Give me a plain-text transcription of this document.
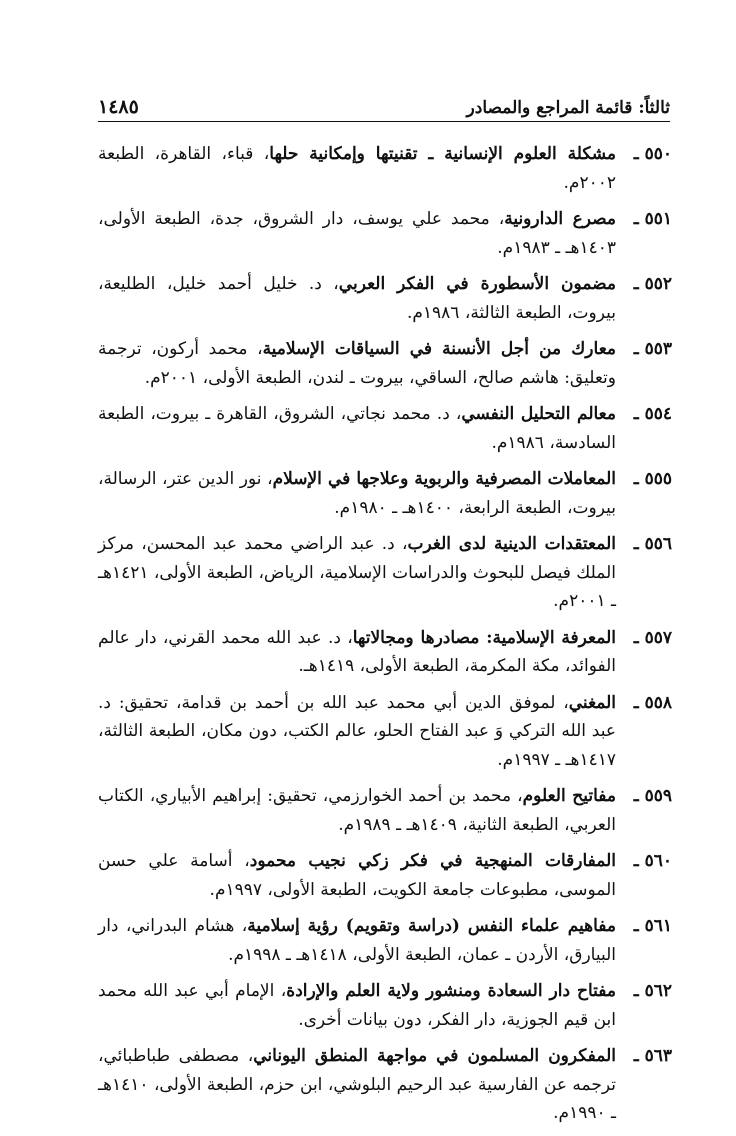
ثالثاً: قائمة المراجع والمصادر
١٤٨٥
٥٥٠ ـ
مشكلة العلوم الإنسانية ـ تقنيتها وإمكانية حلها، قباء، القاهرة، الطبعة ٢٠٠٢م.
٥٥١ ـ
مصرع الدارونية، محمد علي يوسف، دار الشروق، جدة، الطبعة الأولى، ١٤٠٣هـ ـ ١٩٨٣م.
٥٥٢ ـ
مضمون الأسطورة في الفكر العربي، د. خليل أحمد خليل، الطليعة، بيروت، الطبعة الثالثة، ١٩٨٦م.
٥٥٣ ـ
معارك من أجل الأنسنة في السياقات الإسلامية، محمد أركون، ترجمة وتعليق: هاشم صالح، الساقي، بيروت ـ لندن، الطبعة الأولى، ٢٠٠١م.
٥٥٤ ـ
معالم التحليل النفسي، د. محمد نجاتي، الشروق، القاهرة ـ بيروت، الطبعة السادسة، ١٩٨٦م.
٥٥٥ ـ
المعاملات المصرفية والربوية وعلاجها في الإسلام، نور الدين عتر، الرسالة، بيروت، الطبعة الرابعة، ١٤٠٠هـ ـ ١٩٨٠م.
٥٥٦ ـ
المعتقدات الدينية لدى الغرب، د. عبد الراضي محمد عبد المحسن، مركز الملك فيصل للبحوث والدراسات الإسلامية، الرياض، الطبعة الأولى، ١٤٢١هـ ـ ٢٠٠١م.
٥٥٧ ـ
المعرفة الإسلامية: مصادرها ومجالاتها، د. عبد الله محمد القرني، دار عالم الفوائد، مكة المكرمة، الطبعة الأولى، ١٤١٩هـ.
٥٥٨ ـ
المغني، لموفق الدين أبي محمد عبد الله بن أحمد بن قدامة، تحقيق: د. عبد الله التركي وَ عبد الفتاح الحلو، عالم الكتب، دون مكان، الطبعة الثالثة، ١٤١٧هـ ـ ١٩٩٧م.
٥٥٩ ـ
مفاتيح العلوم، محمد بن أحمد الخوارزمي، تحقيق: إبراهيم الأبياري، الكتاب العربي، الطبعة الثانية، ١٤٠٩هـ ـ ١٩٨٩م.
٥٦٠ ـ
المفارقات المنهجية في فكر زكي نجيب محمود، أسامة علي حسن الموسى، مطبوعات جامعة الكويت، الطبعة الأولى، ١٩٩٧م.
٥٦١ ـ
مفاهيم علماء النفس (دراسة وتقويم) رؤية إسلامية، هشام البدراني، دار البيارق، الأردن ـ عمان، الطبعة الأولى، ١٤١٨هـ ـ ١٩٩٨م.
٥٦٢ ـ
مفتاح دار السعادة ومنشور ولاية العلم والإرادة، الإمام أبي عبد الله محمد ابن قيم الجوزية، دار الفكر، دون بيانات أخرى.
٥٦٣ ـ
المفكرون المسلمون في مواجهة المنطق اليوناني، مصطفى طباطبائي، ترجمه عن الفارسية عبد الرحيم البلوشي، ابن حزم، الطبعة الأولى، ١٤١٠هـ ـ ١٩٩٠م.
